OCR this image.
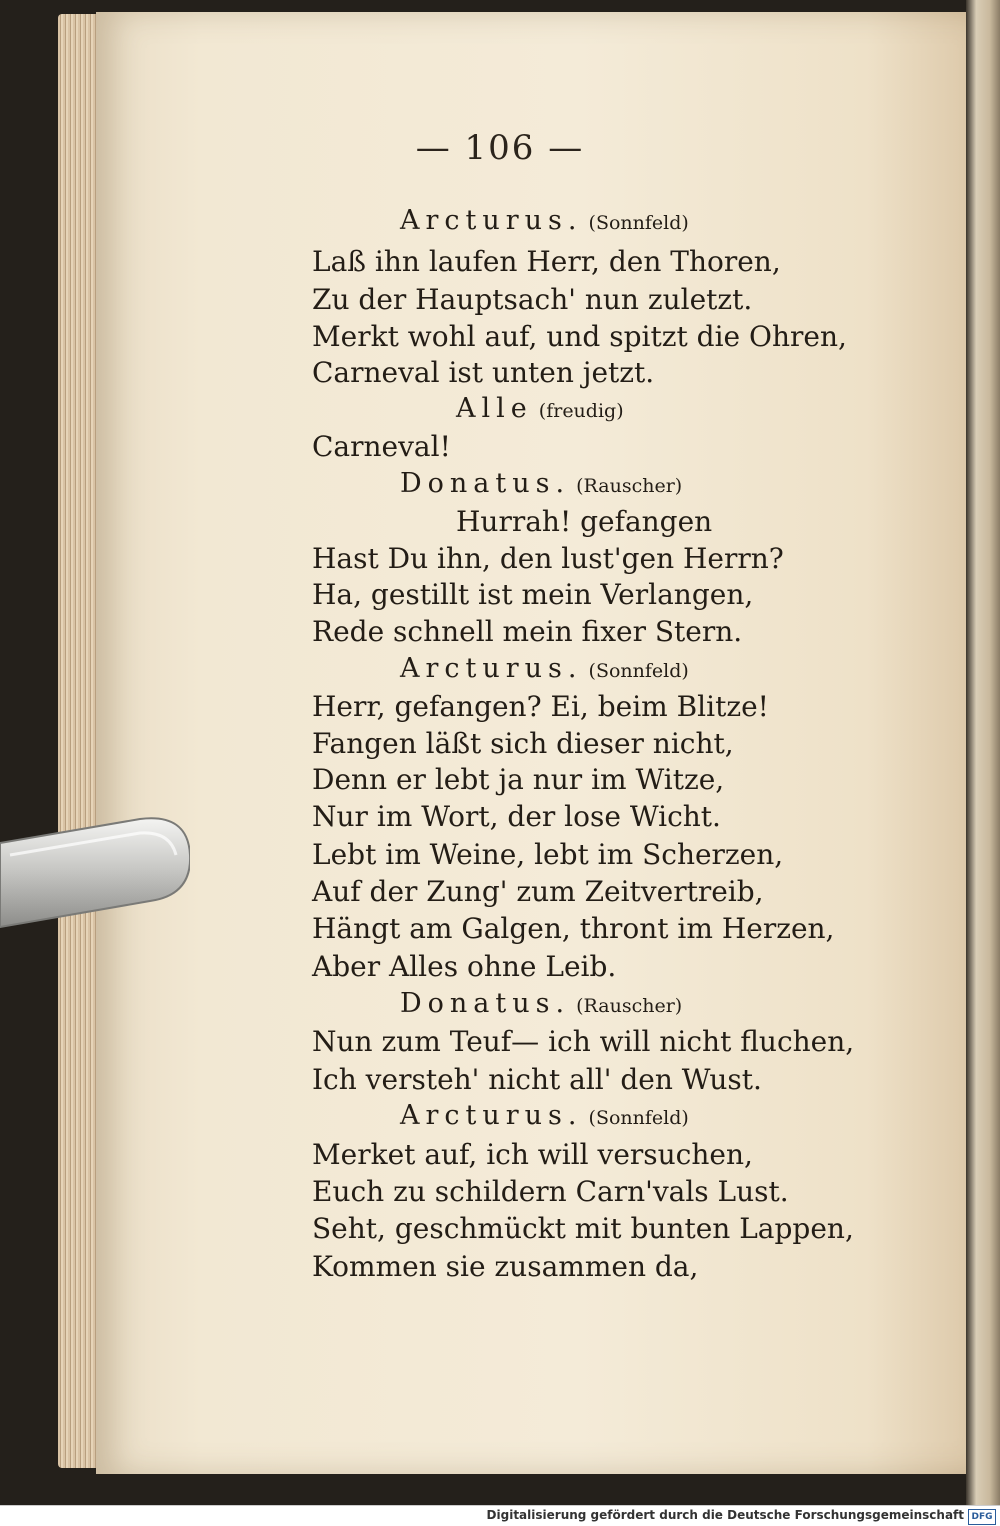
— 106 —
Arcturus. (Sonnfeld)
Laß ihn laufen Herr, den Thoren,
Zu der Hauptsach' nun zuletzt.
Merkt wohl auf, und spitzt die Ohren,
Carneval ist unten jetzt.
Alle (freudig)
Carneval!
Donatus. (Rauscher)
Hurrah! gefangen
Hast Du ihn, den lust'gen Herrn?
Ha, gestillt ist mein Verlangen,
Rede schnell mein fixer Stern.
Arcturus. (Sonnfeld)
Herr, gefangen? Ei, beim Blitze!
Fangen läßt sich dieser nicht,
Denn er lebt ja nur im Witze,
Nur im Wort, der lose Wicht.
Lebt im Weine, lebt im Scherzen,
Auf der Zung' zum Zeitvertreib,
Hängt am Galgen, thront im Herzen,
Aber Alles ohne Leib.
Donatus. (Rauscher)
Nun zum Teuf— ich will nicht fluchen,
Ich versteh' nicht all' den Wust.
Arcturus. (Sonnfeld)
Merket auf, ich will versuchen,
Euch zu schildern Carn'vals Lust.
Seht, geschmückt mit bunten Lappen,
Kommen sie zusammen da,
Digitalisierung gefördert durch die Deutsche Forschungsgemeinschaft DFG
